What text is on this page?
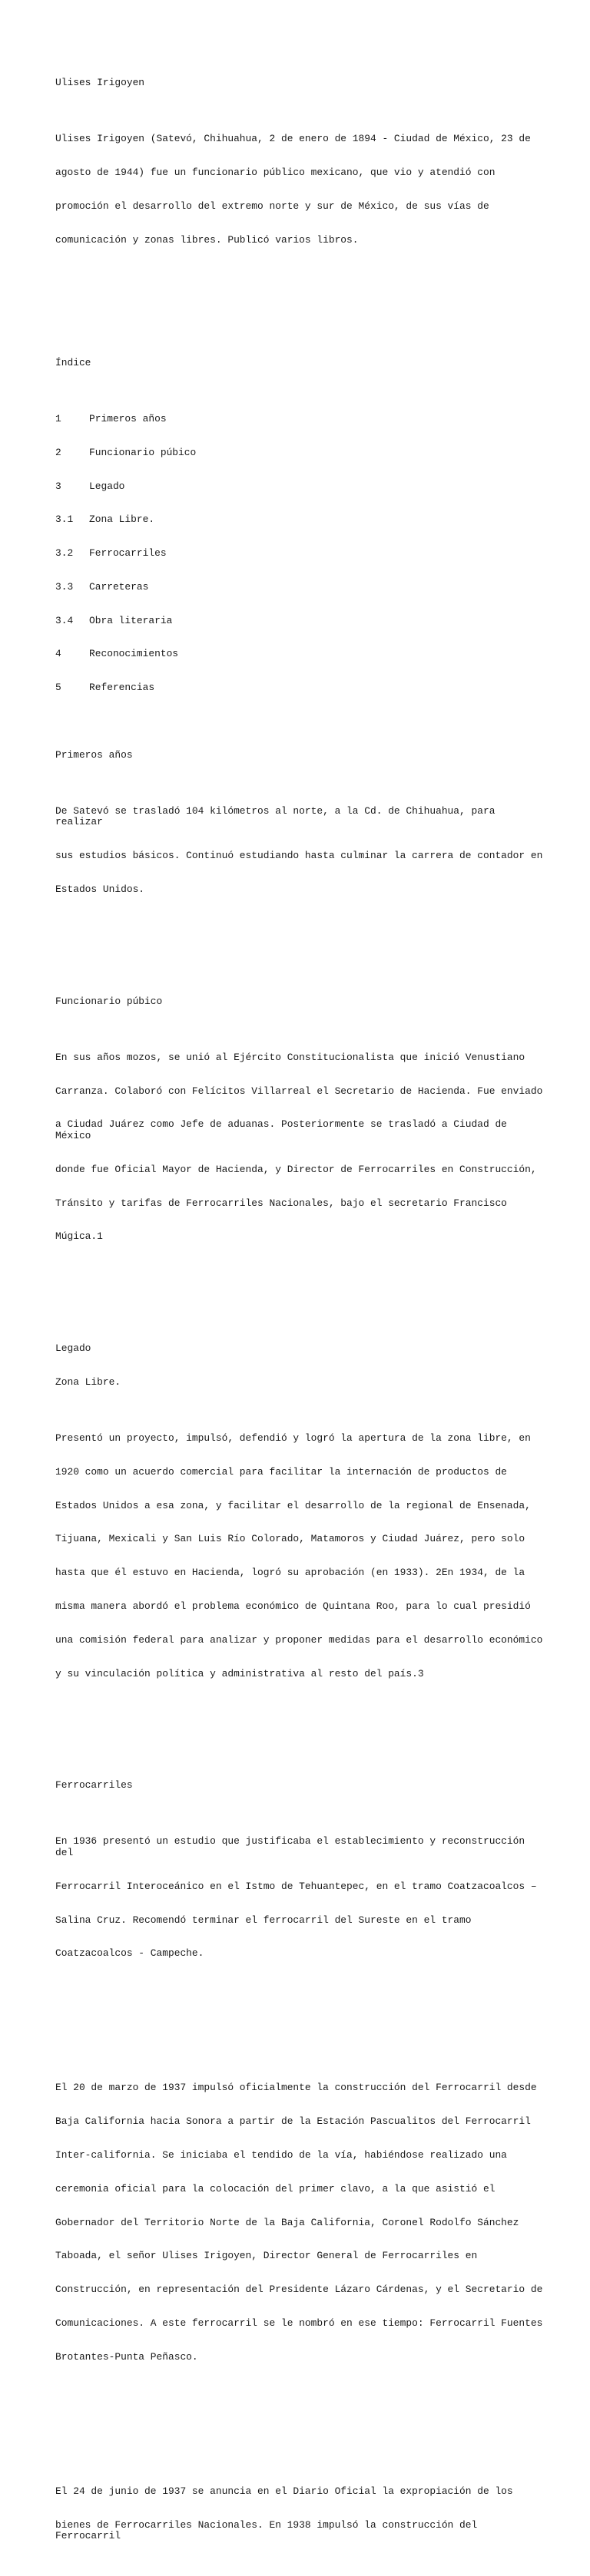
Ulises Irigoyen

Ulises Irigoyen (Satevó, Chihuahua, 2 de enero de 1894 - Ciudad de México, 23 de

agosto de 1944) fue un funcionario público mexicano, que vio y atendió con

promoción el desarrollo del extremo norte y sur de México, de sus vías de

comunicación y zonas libres. Publicó varios libros.

Índice

1	Primeros años

2	Funcionario púbico

3	Legado

3.1	Zona Libre.

3.2	Ferrocarriles

3.3	Carreteras

3.4	Obra literaria

4	Reconocimientos

5	Referencias

Primeros años

De Satevó se trasladó 104 kilómetros al norte, a la Cd. de Chihuahua, para realizar

sus estudios básicos. Continuó estudiando hasta culminar la carrera de contador en

Estados Unidos.

Funcionario púbico

En sus años mozos, se unió al Ejército Constitucionalista que inició Venustiano

Carranza. Colaboró con Felícitos Villarreal el Secretario de Hacienda. Fue enviado

a Ciudad Juárez como Jefe de aduanas. Posteriormente se trasladó a Ciudad de México

donde fue Oficial Mayor de Hacienda, y Director de Ferrocarriles en Construcción,

Tránsito y tarifas de Ferrocarriles Nacionales, bajo el secretario Francisco

Múgica.1

Legado

Zona Libre.

Presentó un proyecto, impulsó, defendió y logró la apertura de la zona libre, en

1920 como un acuerdo comercial para facilitar la internación de productos de

Estados Unidos a esa zona, y facilitar el desarrollo de la regional de Ensenada,

Tijuana, Mexicali y San Luis Río Colorado, Matamoros y Ciudad Juárez, pero solo

hasta que él estuvo en Hacienda, logró su aprobación (en 1933). 2En 1934, de la

misma manera abordó el problema económico de Quintana Roo, para lo cual presidió

una comisión federal para analizar y proponer medidas para el desarrollo económico

y su vinculación política y administrativa al resto del país.3

Ferrocarriles

En 1936 presentó un estudio que justificaba el establecimiento y reconstrucción del

Ferrocarril Interoceánico en el Istmo de Tehuantepec, en el tramo Coatzacoalcos –

Salina Cruz. Recomendó terminar el ferrocarril del Sureste en el tramo

Coatzacoalcos - Campeche.

El 20 de marzo de 1937 impulsó oficialmente la construcción del Ferrocarril desde

Baja California hacia Sonora a partir de la Estación Pascualitos del Ferrocarril

Inter-california. Se iniciaba el tendido de la vía, habiéndose realizado una

ceremonia oficial para la colocación del primer clavo, a la que asistió el

Gobernador del Territorio Norte de la Baja California, Coronel Rodolfo Sánchez

Taboada, el señor Ulises Irigoyen, Director General de Ferrocarriles en

Construcción, en representación del Presidente Lázaro Cárdenas, y el Secretario de

Comunicaciones. A este ferrocarril se le nombró en ese tiempo: Ferrocarril Fuentes

Brotantes-Punta Peñasco.

El 24 de junio de 1937 se anuncia en el Diario Oficial la expropiación de los

bienes de Ferrocarriles Nacionales. En 1938 impulsó la construcción del Ferrocarril
